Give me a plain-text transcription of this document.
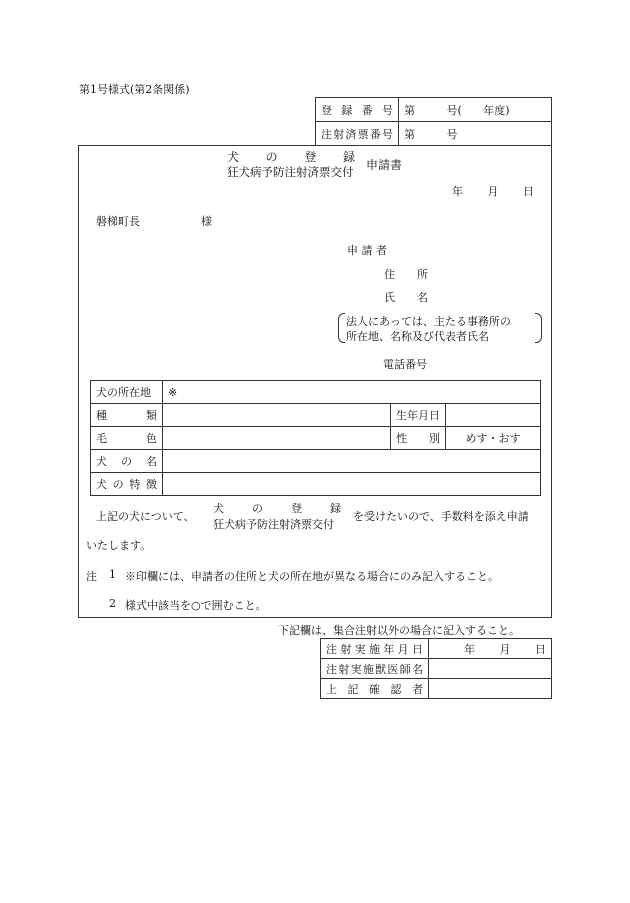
第1号様式(第2条関係)
登 録 番 号	第 号( 年度)
注射済票番号	第 号
犬 の 登 録
狂犬病予防注射済票交付 申請書
年 月 日
磐梯町長	様
申 請 者
住　　所
氏　　名
法人にあっては、主たる事務所の
所在地、名称及び代表者氏名
電話番号
犬の所在地	※		
種　　類		生年月日	
毛　　色		性　　別	めす・おす
犬 の 名			
犬 の 特 徴			
上記の犬について、
犬	の	登	録
狂犬病予防注射済票交付
を受けたいので、手数料を添え申請
いたします。
注 1 ※印欄には、申請者の住所と犬の所在地が異なる場合にのみ記入すること。
2 様式中該当を○で囲むこと。
下記欄は、集合注射以外の場合に記入すること。
注射実施年月日	年 月 日

注射実施獣医師名	
上 記 確 認 者	
